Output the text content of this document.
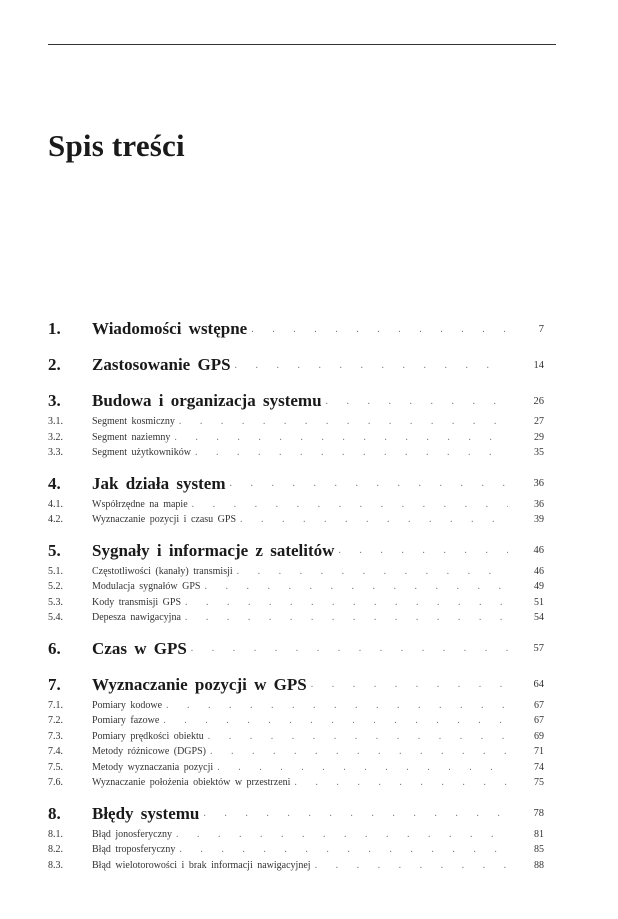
Spis treści
1.	Wiadomości wstępne . . .	7
2.	Zastosowanie GPS . . .	14
3.	Budowa i organizacja systemu . . .	26
3.1.	Segment kosmiczny . . .	27
3.2.	Segment naziemny . . .	29
3.3.	Segment użytkowników . . .	35
4.	Jak działa system . . .	36
4.1.	Współrzędne na mapie . . .	36
4.2.	Wyznaczanie pozycji i czasu GPS . . .	39
5.	Sygnały i informacje z satelitów . . .	46
5.1.	Częstotliwości (kanały) transmisji . . .	46
5.2.	Modulacja sygnałów GPS . . .	49
5.3.	Kody transmisji GPS . . .	51
5.4.	Depesza nawigacyjna . . .	54
6.	Czas w GPS . . .	57
7.	Wyznaczanie pozycji w GPS . . .	64
7.1.	Pomiary kodowe . . .	67
7.2.	Pomiary fazowe . . .	67
7.3.	Pomiary prędkości obiektu . . .	69
7.4.	Metody różnicowe (DGPS) . . .	71
7.5.	Metody wyznaczania pozycji . . .	74
7.6.	Wyznaczanie położenia obiektów w przestrzeni . . .	75
8.	Błędy systemu . . .	78
8.1.	Błąd jonosferyczny . . .	81
8.2.	Błąd troposferyczny . . .	85
8.3.	Błąd wielotorowości i brak informacji nawigacyjnej . . .	88
